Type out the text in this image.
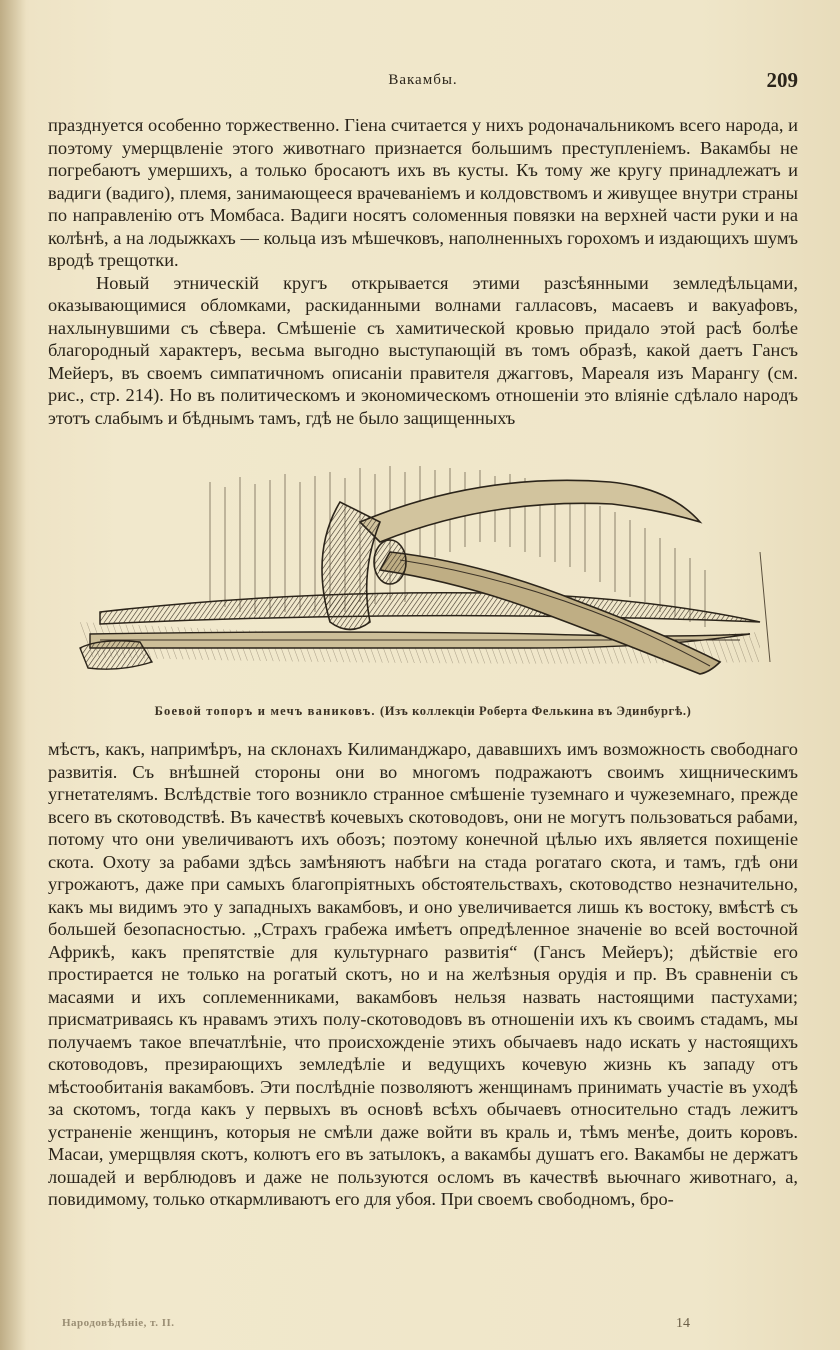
Вакамбы.	209

празднуется особенно торжественно. Гіена считается у нихъ родоначальникомъ всего народа, и поэтому умерщвленіе этого животнаго признается большимъ преступленіемъ. Вакамбы не погребаютъ умершихъ, а только бросаютъ ихъ въ кусты. Къ тому же кругу принадлежатъ и вадиги (вадиго), племя, занимающееся врачеваніемъ и колдовствомъ и живущее внутри страны по направленію отъ Момбаса. Вадиги носятъ соломенныя повязки на верхней части руки и на колѣнѣ, а на лодыжкахъ — кольца изъ мѣшечковъ, наполненныхъ горохомъ и издающихъ шумъ вродѣ трещотки.

Новый этническій кругъ открывается этими разсѣянными земледѣльцами, оказывающимися обломками, раскиданными волнами галласовъ, масаевъ и вакуафовъ, нахлынувшими съ сѣвера. Смѣшеніе съ хамитической кровью придало этой расѣ болѣе благородный характеръ, весьма выгодно выступающій въ томъ образѣ, какой даетъ Гансъ Мейеръ, въ своемъ симпатичномъ описаніи правителя джагговъ, Мареаля изъ Марангу (см. рис., стр. 214). Но въ политическомъ и экономическомъ отношеніи это вліяніе сдѣлало народъ этотъ слабымъ и бѣднымъ тамъ, гдѣ не было защищенныхъ

Боевой топоръ и мечъ ваниковъ. (Изъ коллекціи Роберта Фелькина въ Эдинбургѣ.)

мѣстъ, какъ, напримѣръ, на склонахъ Килиманджаро, дававшихъ имъ возможность свободнаго развитія. Съ внѣшней стороны они во многомъ подражаютъ своимъ хищническимъ угнетателямъ. Вслѣдствіе того возникло странное смѣшеніе туземнаго и чужеземнаго, прежде всего въ скотоводствѣ. Въ качествѣ кочевыхъ скотоводовъ, они не могутъ пользоваться рабами, потому что они увеличиваютъ ихъ обозъ; поэтому конечной цѣлью ихъ является похищеніе скота. Охоту за рабами здѣсь замѣняютъ набѣги на стада рогатаго скота, и тамъ, гдѣ они угрожаютъ, даже при самыхъ благопріятныхъ обстоятельствахъ, скотоводство незначительно, какъ мы видимъ это у западныхъ вакамбовъ, и оно увеличивается лишь къ востоку, вмѣстѣ съ большей безопасностью. „Страхъ грабежа имѣетъ опредѣленное значеніе во всей восточной Африкѣ, какъ препятствіе для культурнаго развитія“ (Гансъ Мейеръ); дѣйствіе его простирается не только на рогатый скотъ, но и на желѣзныя орудія и пр. Въ сравненіи съ масаями и ихъ соплеменниками, вакамбовъ нельзя назвать настоящими пастухами; присматриваясь къ нравамъ этихъ полу-скотоводовъ въ отношеніи ихъ къ своимъ стадамъ, мы получаемъ такое впечатлѣніе, что происхожденіе этихъ обычаевъ надо искать у настоящихъ скотоводовъ, презирающихъ земледѣліе и ведущихъ кочевую жизнь къ западу отъ мѣстообитанія вакамбовъ. Эти послѣдніе позволяютъ женщинамъ принимать участіе въ уходѣ за скотомъ, тогда какъ у первыхъ въ основѣ всѣхъ обычаевъ относительно стадъ лежитъ устраненіе женщинъ, которыя не смѣли даже войти въ краль и, тѣмъ менѣе, доить коровъ. Масаи, умерщвляя скотъ, колютъ его въ затылокъ, а вакамбы душатъ его. Вакамбы не держатъ лошадей и верблюдовъ и даже не пользуются осломъ въ качествѣ вьючнаго животнаго, а, повидимому, только откармливаютъ его для убоя. При своемъ свободномъ, бро-

Народовѣдѣніе, т. II.	14
